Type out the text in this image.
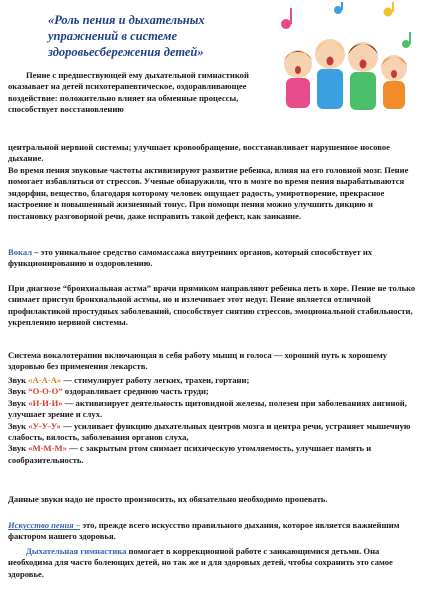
«Роль пения и дыхательных упражнений в системе здоровьесбережения детей»

Пение с предшествующей ему дыхательной гимнастикой оказывает на детей психотерапевтическое, оздоравливающее воздействие: положительно влияет на обменные процессы, способствует восстановлению

центральной нервной системы; улучшает кровообращение, восстанавливает нарушенное носовое дыхание.

Во время пения звуковые частоты активизируют развитие ребенка, влияя на его головной мозг. Пение помогает избавляться от стрессов. Ученые обнаружили, что в мозге во время пения вырабатываются эндорфин, вещество, благодаря которому человек ощущает радость, умиротворение, прекрасное настроение и повышенный жизненный тонус. При помощи пения можно улучшить дикцию и постановку разговорной речи, даже исправить такой дефект, как заикание.

Вокал – это уникальное средство самомассажа внутренних органов, который способствует их функционированию и оздоровлению.

При диагнозе “бронхиальная астма” врачи прямиком направляют ребенка петь в хоре. Пение не только снимает приступ бронхиальной астмы, но и излечивает этот недуг. Пение является отличной профилактикой простудных заболеваний, способствует снятию стрессов, эмоциональной стабильности, укреплению нервной системы.

Система вокалотерапии включающая в себя работу мышц и голоса — хороший путь к хорошему здоровью без применения лекарств.

Звук «А-А-А» — стимулирует работу легких, трахеи, гортани;
Звук “О-О-О” оздоравливает среднюю часть груди;
Звук «И-И-И» — активизирует деятельность щитовидной железы, полезен при заболеваниях ангиной, улучшает зрение и слух.
Звук «У-У-У» — усиливает функцию дыхательных центров мозга и центра речи, устраняет мышечную слабость, вялость, заболевания органов слуха,
Звук «М-М-М» — с закрытым ртом снимает психическую утомляемость, улучшает память и сообразительность.

Данные звуки надо не просто произносить, их обязательно необходимо пропевать.

Искусство пения – это, прежде всего искусство правильного дыхания, которое является важнейшим фактором нашего здоровья.

Дыхательная гимнастика помогает в коррекционной работе с заикающимися детьми. Она необходима для часто болеющих детей, но так же и для здоровых детей, чтобы сохранить это самое здоровье.
